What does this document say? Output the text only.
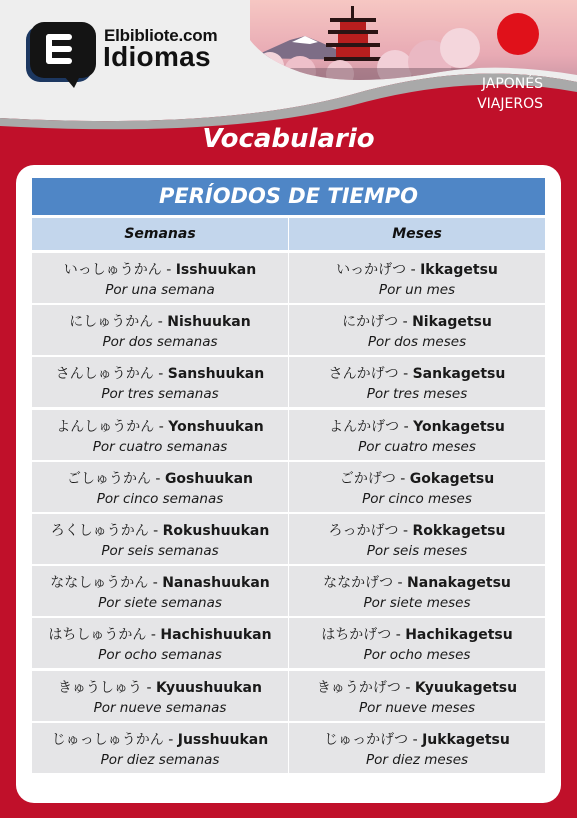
Elbibliote.com
Idiomas
JAPONÉS
VIAJEROS
Vocabulario
PERÍODOS DE TIEMPO
Semanas	Meses
いっしゅうかん - Isshuukan
Por una semana
いっかげつ - Ikkagetsu
Por un mes
にしゅうかん - Nishuukan
Por dos semanas
にかげつ - Nikagetsu
Por dos meses
さんしゅうかん - Sanshuukan
Por tres semanas
さんかげつ - Sankagetsu
Por tres meses
よんしゅうかん - Yonshuukan
Por cuatro semanas
よんかげつ - Yonkagetsu
Por cuatro meses
ごしゅうかん - Goshuukan
Por cinco semanas
ごかげつ - Gokagetsu
Por cinco meses
ろくしゅうかん - Rokushuukan
Por seis semanas
ろっかげつ - Rokkagetsu
Por seis meses
ななしゅうかん - Nanashuukan
Por siete semanas
ななかげつ - Nanakagetsu
Por siete meses
はちしゅうかん - Hachishuukan
Por ocho semanas
はちかげつ - Hachikagetsu
Por ocho meses
きゅうしゅう - Kyuushuukan
Por nueve semanas
きゅうかげつ - Kyuukagetsu
Por nueve meses
じゅっしゅうかん - Jusshuukan
Por diez semanas
じゅっかげつ - Jukkagetsu
Por diez meses
